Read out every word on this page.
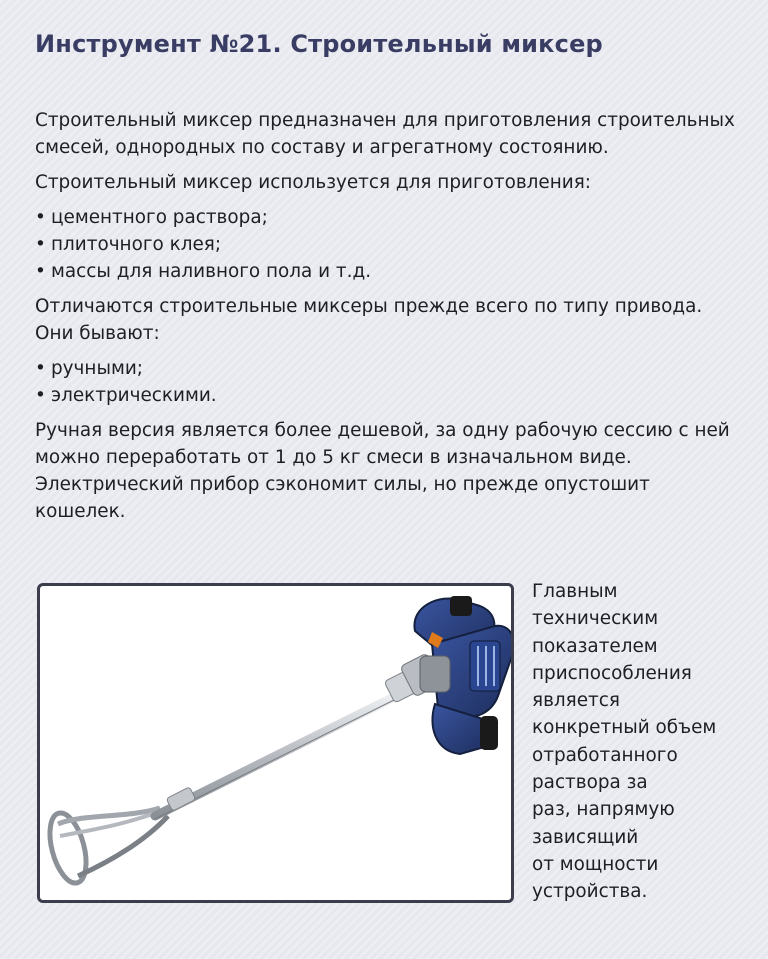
Инструмент №21. Строительный миксер

Строительный миксер предназначен для приготовления строительных смесей, однородных по составу и агрегатному состоянию.

Строительный миксер используется для приготовления:

• цементного раствора;
• плиточного клея;
• массы для наливного пола и т.д.

Отличаются строительные миксеры прежде всего по типу привода. Они бывают:

• ручными;
• электрическими.

Ручная версия является более дешевой, за одну рабочую сессию с ней можно переработать от 1 до 5 кг смеси в изначальном виде. Электрический прибор сэкономит силы, но прежде опустошит кошелек.

Главным
техническим
показателем
приспособления
является
конкретный объем
отработанного
раствора за
раз, напрямую
зависящий
от мощности
устройства.
